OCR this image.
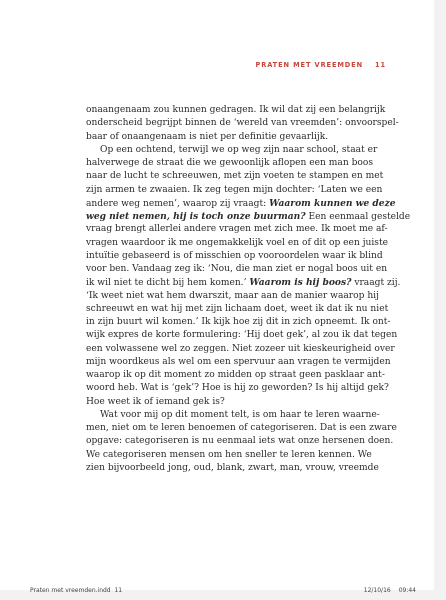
PRATEN MET VREEMDEN 11
onaangenaam zou kunnen gedragen. Ik wil dat zij een belangrijk
onderscheid begrijpt binnen de ‘wereld van vreemden’: onvoorspel-
baar of onaangenaam is niet per definitie gevaarlijk.
Op een ochtend, terwijl we op weg zijn naar school, staat er
halverwege de straat die we gewoonlijk aflopen een man boos
naar de lucht te schreeuwen, met zijn voeten te stampen en met
zijn armen te zwaaien. Ik zeg tegen mijn dochter: ‘Laten we een
andere weg nemen’, waarop zij vraagt: Waarom kunnen we deze
weg niet nemen, hij is toch onze buurman? Een eenmaal gestelde
vraag brengt allerlei andere vragen met zich mee. Ik moet me af-
vragen waardoor ik me ongemakkelijk voel en of dit op een juiste
intuïtie gebaseerd is of misschien op vooroordelen waar ik blind
voor ben. Vandaag zeg ik: ‘Nou, die man ziet er nogal boos uit en
ik wil niet te dicht bij hem komen.’ Waarom is hij boos? vraagt zij.
‘Ik weet niet wat hem dwarszit, maar aan de manier waarop hij
schreeuwt en wat hij met zijn lichaam doet, weet ik dat ik nu niet
in zijn buurt wil komen.’ Ik kijk hoe zij dit in zich opneemt. Ik ont-
wijk expres de korte formulering: ‘Hij doet gek’, al zou ik dat tegen
een volwassene wel zo zeggen. Niet zozeer uit kieskeurigheid over
mijn woordkeus als wel om een spervuur aan vragen te vermijden
waarop ik op dit moment zo midden op straat geen pasklaar ant-
woord heb. Wat is ‘gek’? Hoe is hij zo geworden? Is hij altijd gek?
Hoe weet ik of iemand gek is?
Wat voor mij op dit moment telt, is om haar te leren waarne-
men, niet om te leren benoemen of categoriseren. Dat is een zware
opgave: categoriseren is nu eenmaal iets wat onze hersenen doen.
We categoriseren mensen om hen sneller te leren kennen. We
zien bijvoorbeeld jong, oud, blank, zwart, man, vrouw, vreemde
Praten met vreemden.indd 11	12/10/16 09:44
